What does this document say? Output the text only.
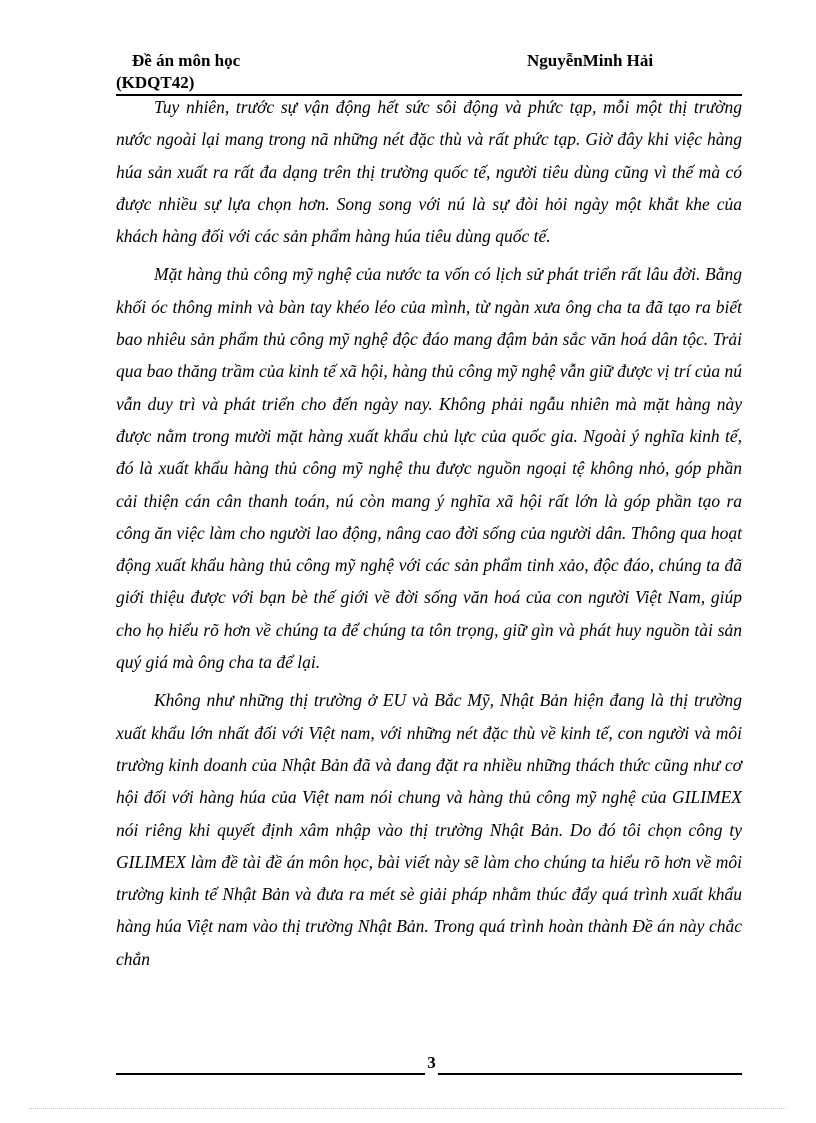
Đề án môn học
(KDQT42)
NguyễnMinh Hải

Tuy nhiên, trước sự vận động hết sức sôi động và phức tạp, mỗi một thị trường nước ngoài lại mang trong nã những nét đặc thù và rất phức tạp. Giờ đây khi việc hàng húa sản xuất ra rất đa dạng trên thị trường quốc tế, người tiêu dùng cũng vì thế mà có được nhiều sự lựa chọn hơn. Song song với nú là sự đòi hỏi ngày một khắt khe của khách hàng đối với các sản phẩm hàng húa tiêu dùng quốc tế.

Mặt hàng thủ công mỹ nghệ của nước ta vốn có lịch sử phát triển rất lâu đời. Bằng khối óc thông minh và bàn tay khéo léo của mình, từ ngàn xưa ông cha ta đã tạo ra biết bao nhiêu sản phẩm thủ công mỹ nghệ độc đáo mang đậm bản sắc văn hoá dân tộc. Trải qua bao thăng trầm của kinh tế xã hội, hàng thủ công mỹ nghệ vẫn giữ được vị trí của nú vẫn duy trì và phát triển cho đến ngày nay. Không phải ngẫu nhiên mà mặt hàng này được nằm trong mười mặt hàng xuất khẩu chủ lực của quốc gia. Ngoài ý nghĩa kinh tế, đó là xuất khẩu hàng thủ công mỹ nghệ thu được nguồn ngoại tệ không nhỏ, góp phần cải thiện cán cân thanh toán, nú còn mang ý nghĩa xã hội rất lớn là góp phần tạo ra công ăn việc làm cho người lao động, nâng cao đời sống của người dân. Thông qua hoạt động xuất khẩu hàng thủ công mỹ nghệ với các sản phẩm tinh xảo, độc đáo, chúng ta đã giới thiệu được với bạn bè thế giới về đời sống văn hoá của con người Việt Nam, giúp cho họ hiểu rõ hơn về chúng ta để chúng ta tôn trọng, giữ gìn và phát huy nguồn tài sản quý giá mà ông cha ta để lại.

Không như những thị trường ở EU và Bắc Mỹ, Nhật Bản hiện đang là thị trường xuất khẩu lớn nhất đối với Việt nam, với những nét đặc thù về kinh tế, con người và môi trường kinh doanh của Nhật Bản đã và đang đặt ra nhiều những thách thức cũng như cơ hội đối với hàng húa của Việt nam nói chung và hàng thủ công mỹ nghệ của GILIMEX nói riêng khi quyết định xâm nhập vào thị trường Nhật Bản. Do đó tôi chọn công ty GILIMEX làm đề tài đề án môn học, bài viết này sẽ làm cho chúng ta hiểu rõ hơn về môi trường kinh tế Nhật Bản và đưa ra mét sè giải pháp nhằm thúc đẩy quá trình xuất khẩu hàng húa Việt nam vào thị trường Nhật Bản. Trong quá trình hoàn thành Đề án này chắc chắn

3
